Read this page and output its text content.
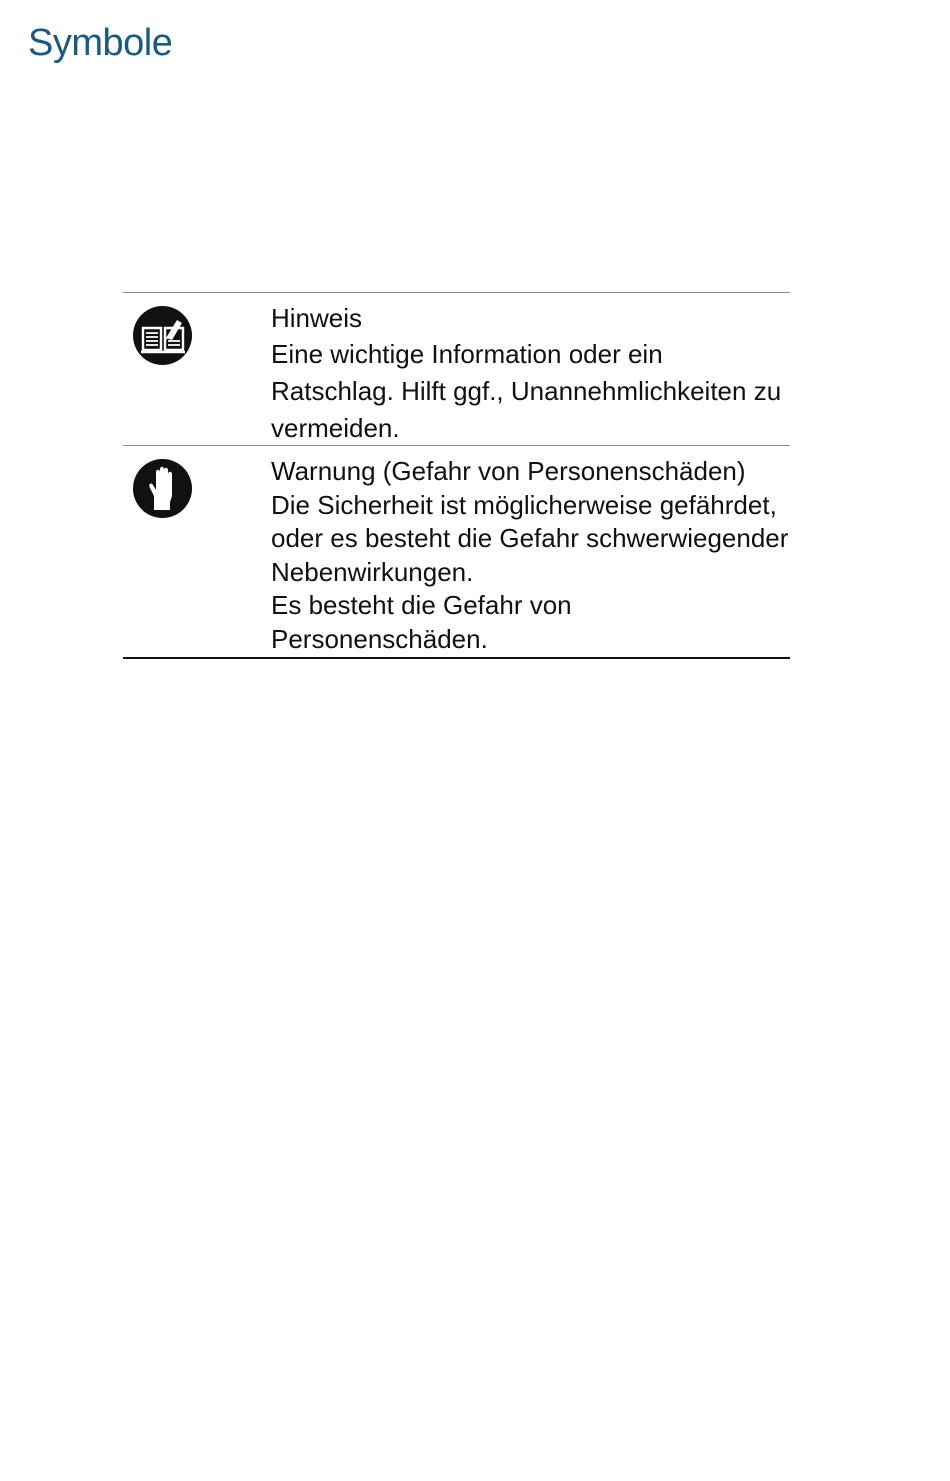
Symbole

Hinweis

Eine wichtige Information oder ein Ratschlag. Hilft ggf., Unannehmlichkeiten zu vermeiden.

Warnung (Gefahr von Personenschäden)

Die Sicherheit ist möglicherweise gefährdet, oder es besteht die Gefahr schwerwiegender Nebenwirkungen.

Es besteht die Gefahr von Personenschäden.
